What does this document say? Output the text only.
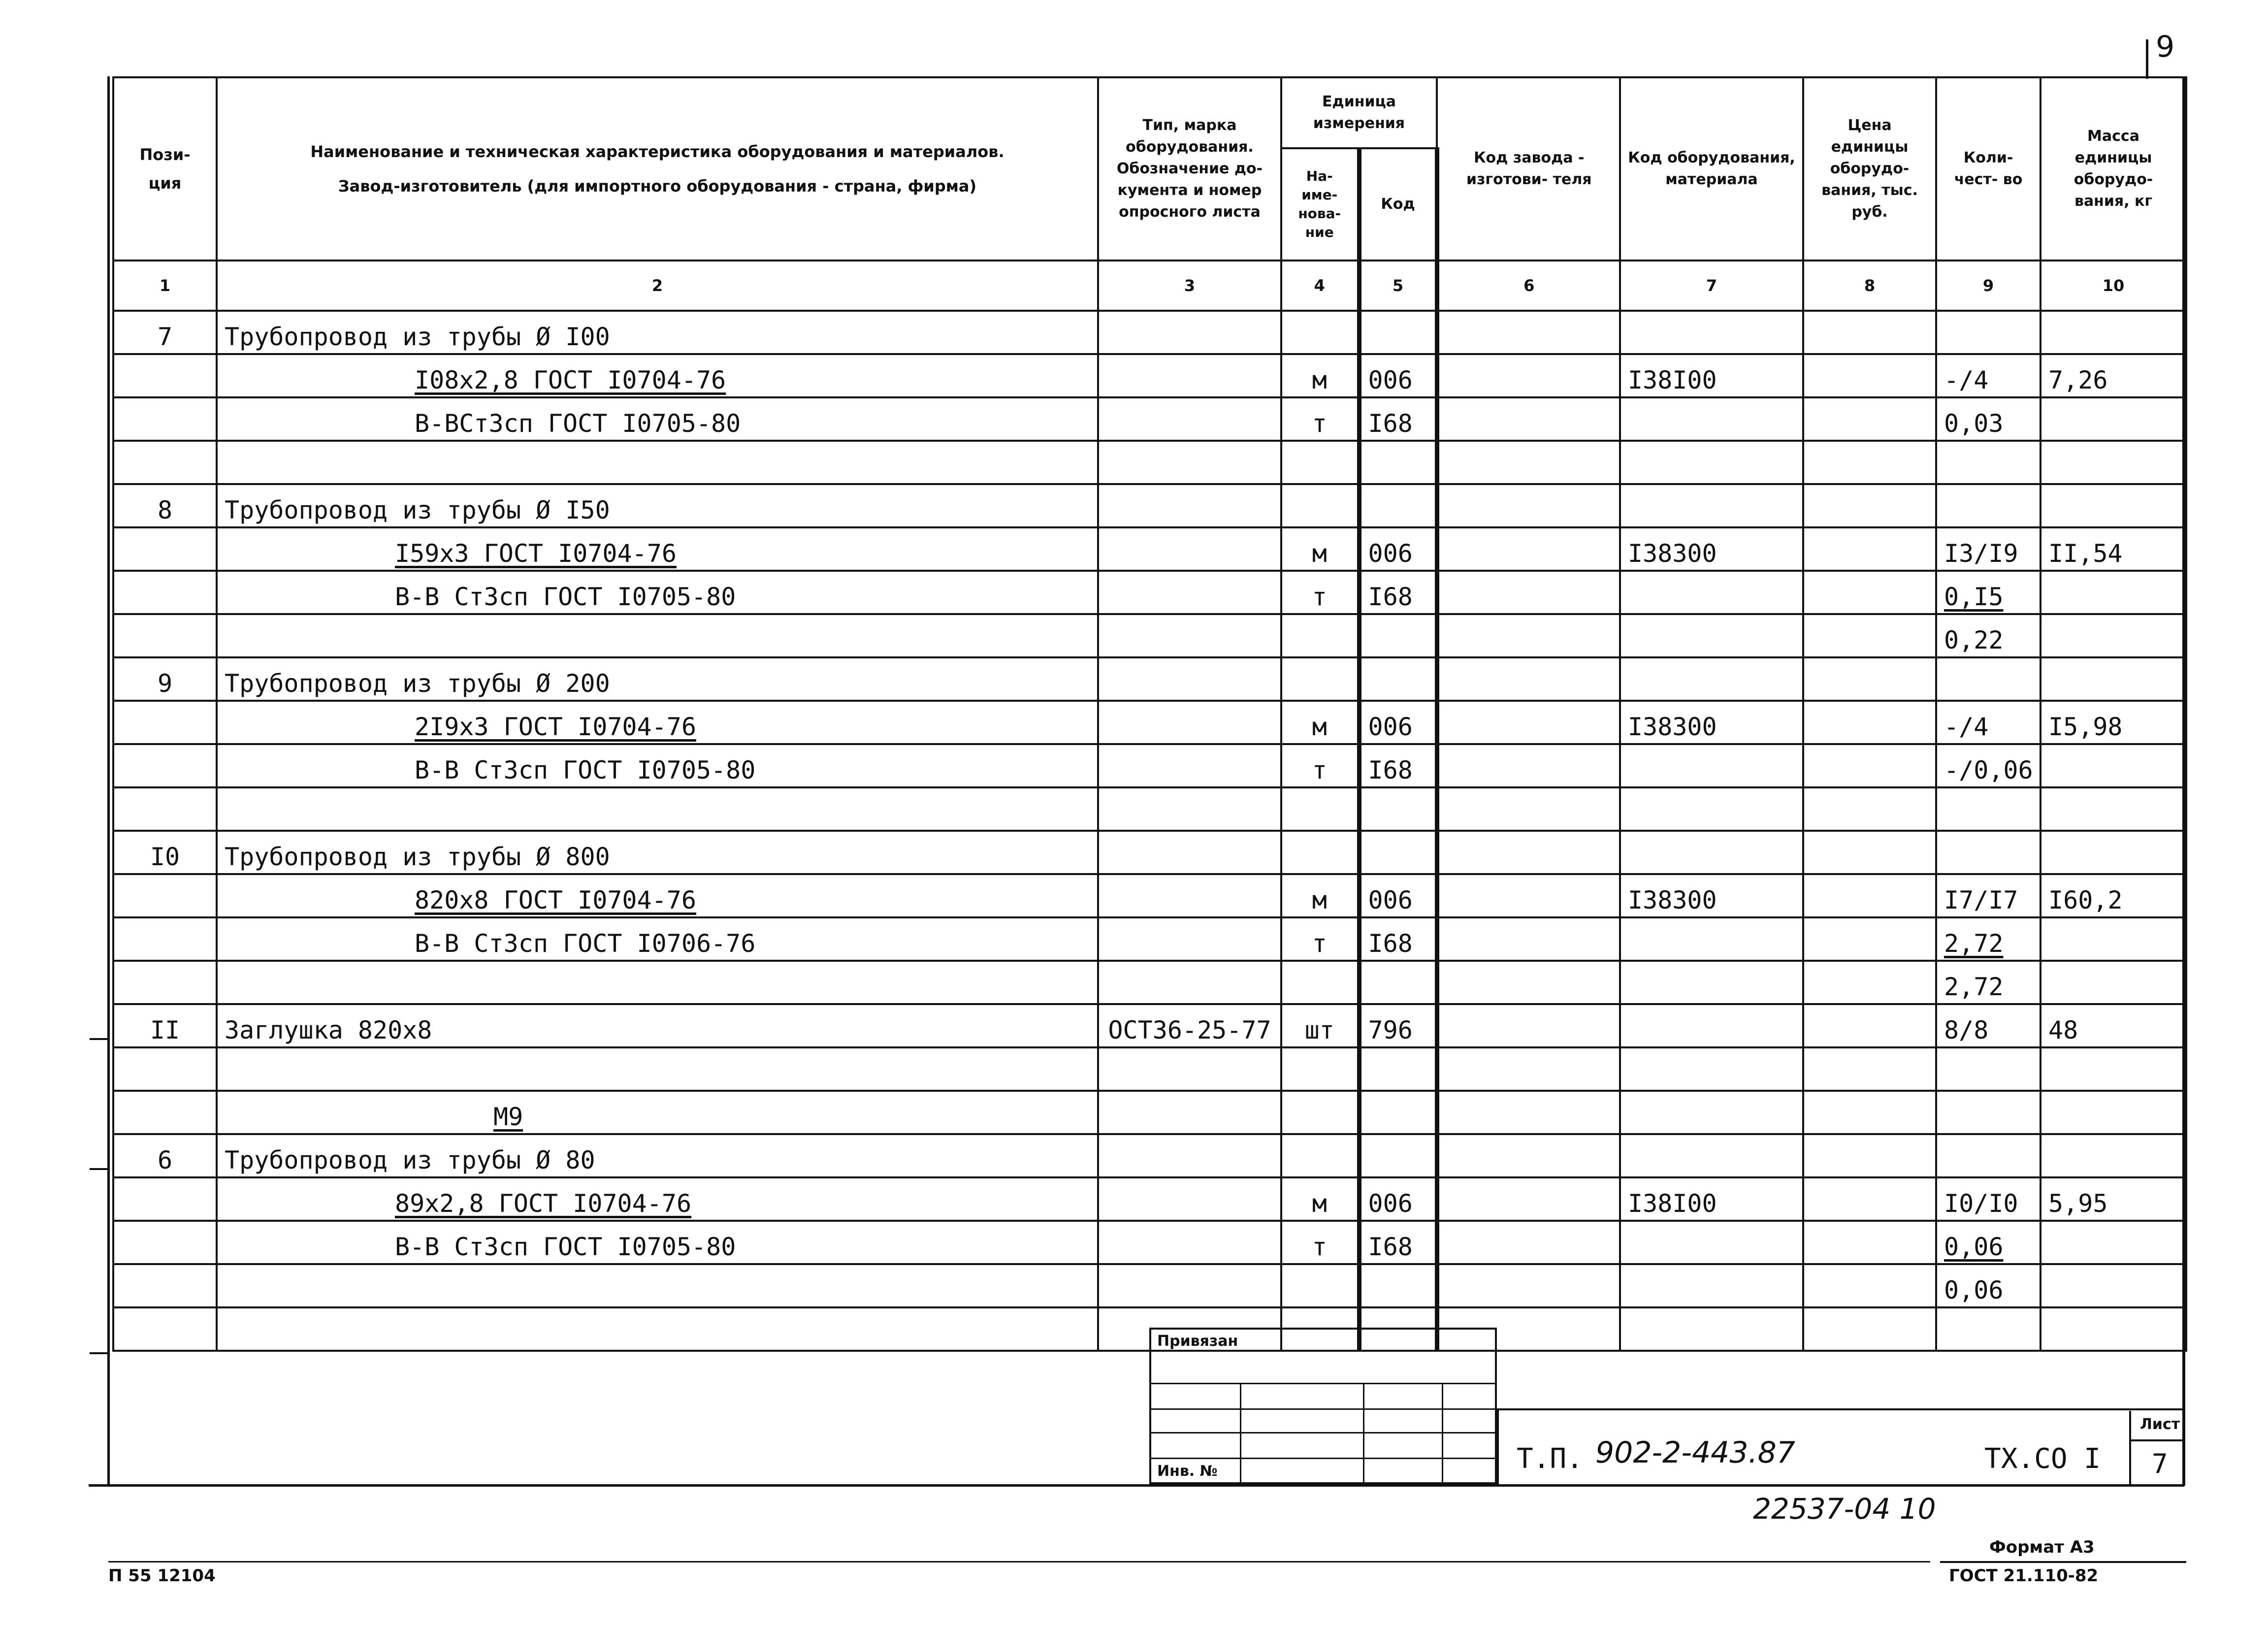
9
Пози- ция	Наименование и техническая характеристика оборудования и материалов.
Завод-изготовитель (для импортного оборудования - страна, фирма)	Тип, марка оборудования. Обозначение до- кумента и номер опросного листа	Единица измерения		Код завода - изготови- теля	Код оборудования, материала	Цена единицы оборудо- вания, тыс. руб.	Коли- чест- во	Масса единицы оборудо- вания, кг
			На- име- нова- ние	Код					
1	2	3	4	5	6	7	8	9	10
7	Трубопровод из трубы Ø I00								
	I08x2,8 ГОСТ I0704-76		м	006		I38I00		-/4	7,26
	В-ВСт3сп ГОСТ I0705-80		т	I68				0,03	

8	Трубопровод из трубы Ø I50								
	I59x3 ГОСТ I0704-76		м	006		I38300		I3/I9	II,54
	В-В Ст3сп ГОСТ I0705-80		т	I68				0,I5	
								0,22	
9	Трубопровод из трубы Ø 200								
	2I9x3 ГОСТ I0704-76		м	006		I38300		-/4	I5,98
	В-В Ст3сп ГОСТ I0705-80		т	I68				-/0,06	

I0	Трубопровод из трубы Ø 800								
	820x8 ГОСТ I0704-76		м	006		I38300		I7/I7	I60,2
	В-В Ст3сп ГОСТ I0706-76		т	I68				2,72	
								2,72	
II	Заглушка 820x8	ОСТ36-25-77	шт	796				8/8	48

	М9								
6	Трубопровод из трубы Ø 80								
	89x2,8 ГОСТ I0704-76		м	006		I38I00		I0/I0	5,95
	В-В Ст3сп ГОСТ I0705-80		т	I68				0,06	
								0,06	

Привязан
Инв. №	Т.П. 902-2-443.87	ТХ.СО I
Лист
7
22537-04 10
Формат А3
ГОСТ 21.110-82
П 55 12104
